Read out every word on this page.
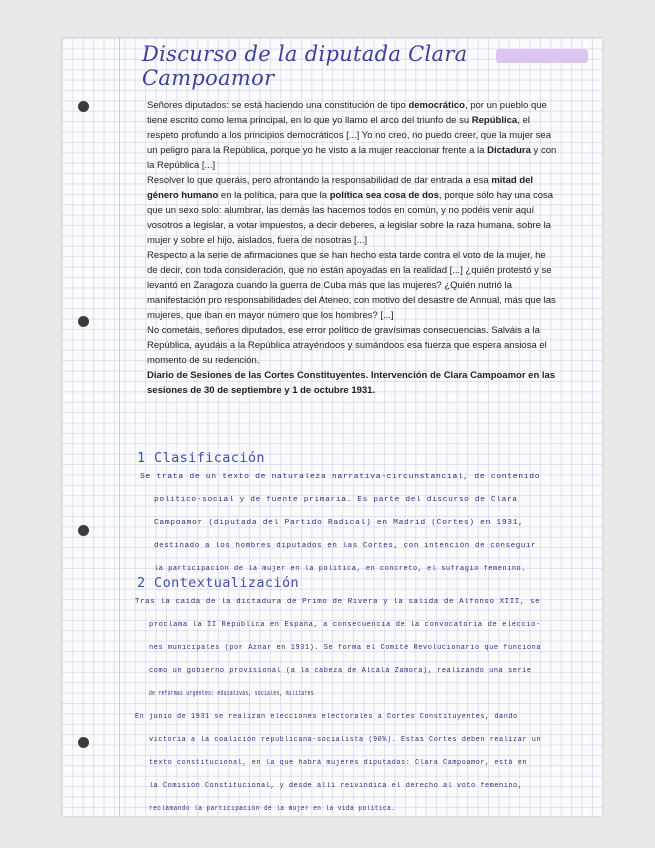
Discurso de la diputada Clara Campoamor

Señores diputados: se está haciendo una constitución de tipo democrático, por un pueblo que tiene escrito como lema principal, en lo que yo llamo el arco del triunfo de su República, el respeto profundo a los principios democráticos [...] Yo no creo, no puedo creer, que la mujer sea un peligro para la República, porque yo he visto a la mujer reaccionar frente a la Dictadura y con la República [...]

Resolver lo que queráis, pero afrontando la responsabilidad de dar entrada a esa mitad del género humano en la política, para que la política sea cosa de dos, porque sólo hay una cosa que un sexo solo: alumbrar, las demás las hacemos todos en común, y no podéis venir aquí vosotros a legislar, a votar impuestos, a decir deberes, a legislar sobre la raza humana, sobre la mujer y sobre el hijo, aislados, fuera de nosotras [...]

Respecto a la serie de afirmaciones que se han hecho esta tarde contra el voto de la mujer, he de decir, con toda consideración, que no están apoyadas en la realidad [...] ¿quién protestó y se levantó en Zaragoza cuando la guerra de Cuba más que las mujeres? ¿Quién nutrió la manifestación pro responsabilidades del Ateneo, con motivo del desastre de Annual, más que las mujeres, que iban en mayor número que los hombres? [...]

No cometáis, señores diputados, ese error político de gravísimas consecuencias. Salváis a la República, ayudáis a la República atrayéndoos y sumándoos esa fuerza que espera ansiosa el momento de su redención.

Diario de Sesiones de las Cortes Constituyentes. Intervención de Clara Campoamor en las sesiones de 30 de septiembre y 1 de octubre 1931.

1 Clasificación
Se trata de un texto de naturaleza narrativa-circunstancial, de contenido
político-social y de fuente primaria. Es parte del discurso de Clara
Campoamor (diputada del Partido Radical) en Madrid (Cortes) en 1931,
destinado a los hombres diputados en las Cortes, con intención de conseguir
la participación de la mujer en la política, en concreto, el sufragio femenino.
2 Contextualización
Tras la caída de la dictadura de Primo de Rivera y la salida de Alfonso XIII, se
proclama la II República en España, a consecuencia de la convocatoria de eleccio-
nes municipales (por Aznar en 1931). Se forma el Comité Revolucionario que funciona
como un gobierno provisional (a la cabeza de Alcalá Zamora), realizando una serie
de reformas urgentes: educativas, sociales, militares
En junio de 1931 se realizan elecciones electorales a Cortes Constituyentes, dando
victoria a la coalición republicana-socialista (90%). Estas Cortes deben realizar un
texto constitucional, en la que habrá mujeres diputadas: Clara Campoamor, está en
la Comisión Constitucional, y desde allí reivindica el derecho al voto femenino,
reclamando la participación de la mujer en la vida política.
